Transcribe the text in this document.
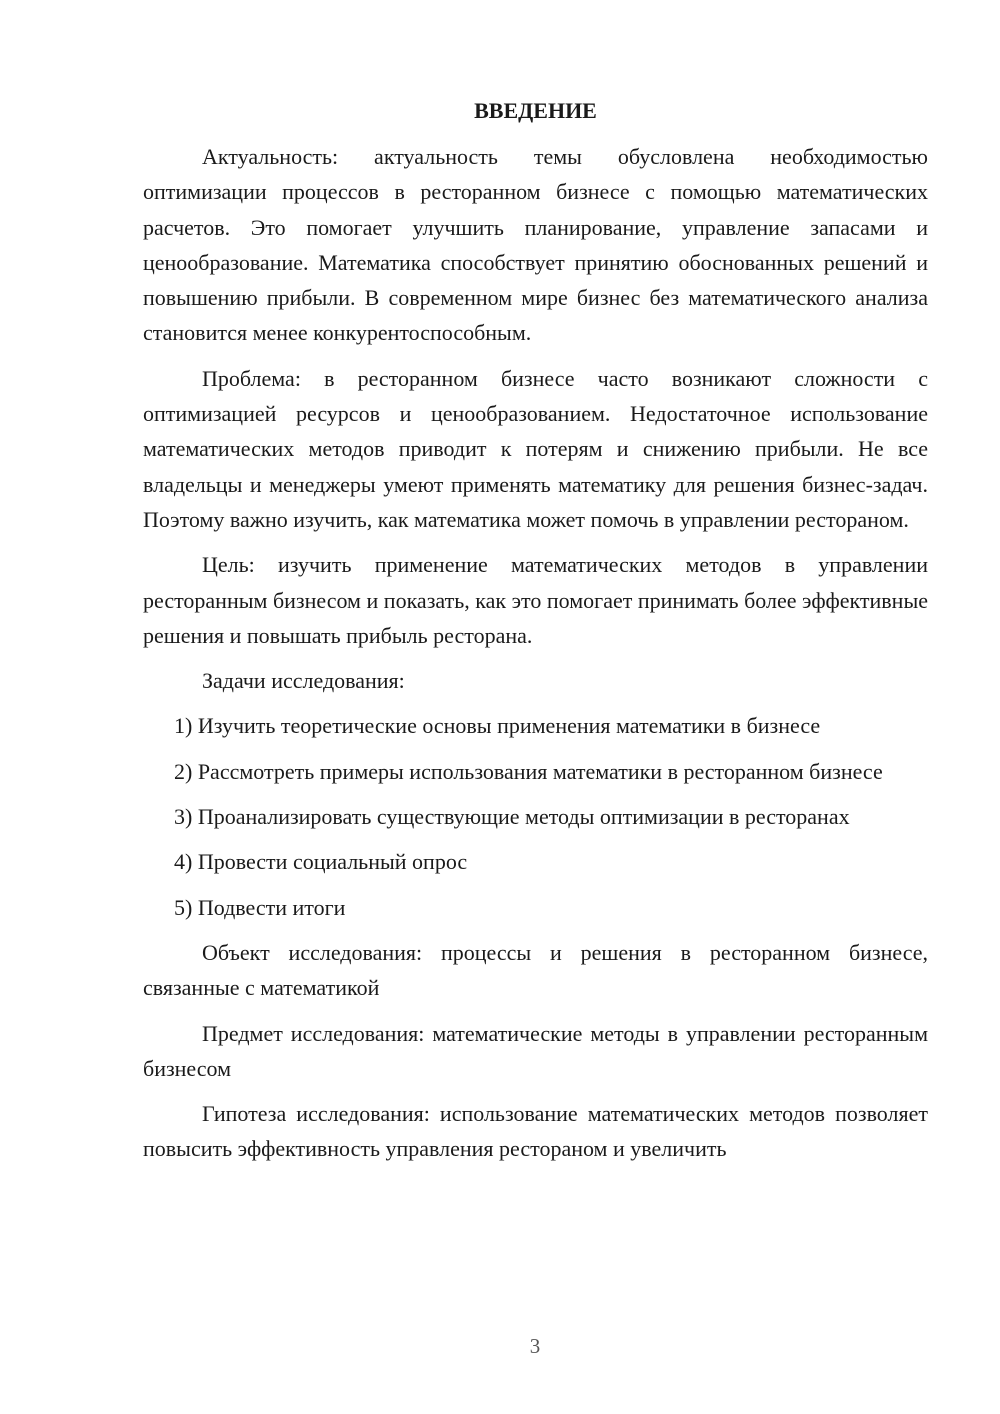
ВВЕДЕНИЕ

Актуальность: актуальность темы обусловлена необходимостью оптимизации процессов в ресторанном бизнесе с помощью математических расчетов. Это помогает улучшить планирование, управление запасами и ценообразование. Математика способствует принятию обоснованных решений и повышению прибыли. В современном мире бизнес без математического анализа становится менее конкурентоспособным.

Проблема: в ресторанном бизнесе часто возникают сложности с оптимизацией ресурсов и ценообразованием. Недостаточное использование математических методов приводит к потерям и снижению прибыли. Не все владельцы и менеджеры умеют применять математику для решения бизнес-задач. Поэтому важно изучить, как математика может помочь в управлении рестораном.

Цель: изучить применение математических методов в управлении ресторанным бизнесом и показать, как это помогает принимать более эффективные решения и повышать прибыль ресторана.

Задачи исследования:

1) Изучить теоретические основы применения математики в бизнесе

2) Рассмотреть примеры использования математики в ресторанном бизнесе

3) Проанализировать существующие методы оптимизации в ресторанах

4) Провести социальный опрос

5) Подвести итоги

Объект исследования: процессы и решения в ресторанном бизнесе, связанные с математикой

Предмет исследования: математические методы в управлении ресторанным бизнесом

Гипотеза исследования: использование математических методов позволяет повысить эффективность управления рестораном и увеличить

3
